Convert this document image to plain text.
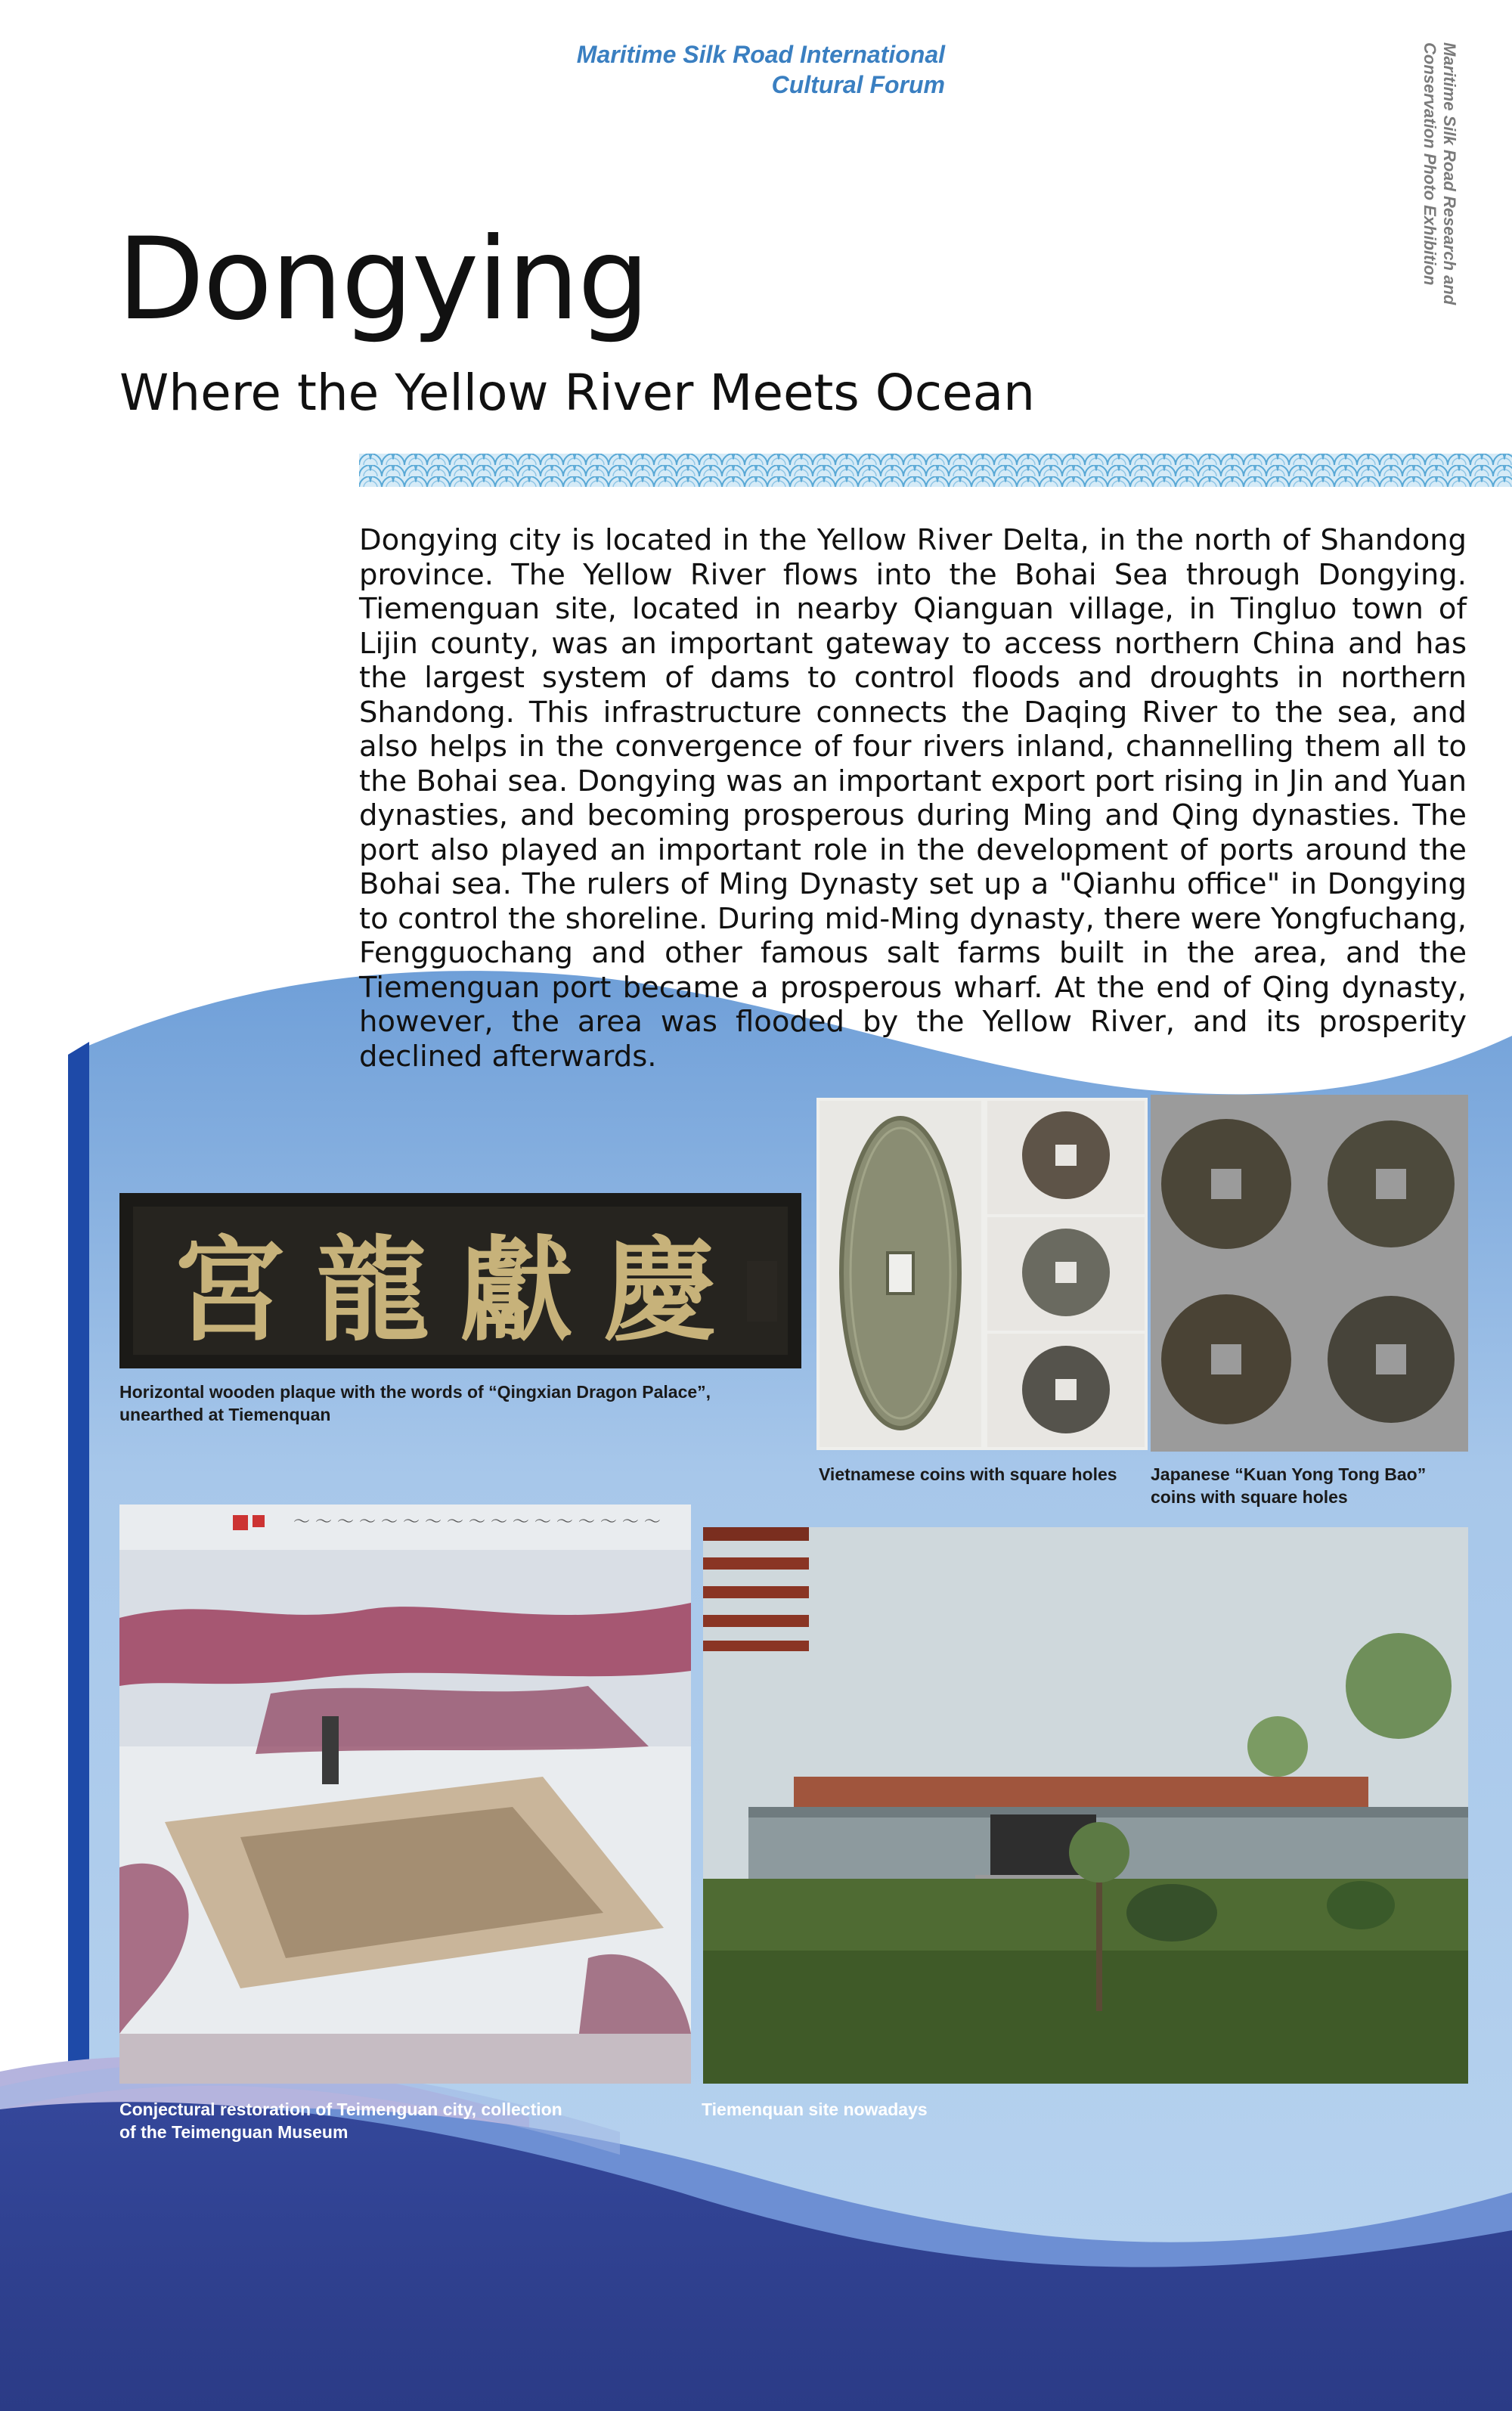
Maritime Silk Road International
Cultural Forum	Maritime Silk Road Research and
Conservation Photo Exhibition
Dongying
Where the Yellow River Meets Ocean
Dongying city is located in the Yellow River Delta, in the north of Shandong province. The Yellow River flows into the Bohai Sea through Dongying. Tiemenguan site, located in nearby Qianguan village, in Tingluo town of Lijin county, was an important gateway to access northern China and has the largest system of dams to control floods and droughts in northern Shandong. This infrastructure connects the Daqing River to the sea, and also helps in the convergence of four rivers inland, channelling them all to the Bohai sea. Dongying was an important export port rising in Jin and Yuan dynasties, and becoming prosperous during Ming and Qing dynasties. The port also played an important role in the development of ports around the Bohai sea. The rulers of Ming Dynasty set up a "Qianhu office" in Dongying to control the shoreline. During mid-Ming dynasty, there were Yongfuchang, Fengguochang and other famous salt farms built in the area, and the Tiemenguan port became a prosperous wharf. At the end of Qing dynasty, however, the area was flooded by the Yellow River, and its prosperity declined afterwards.
宮 龍 獻 慶
Horizontal wooden plaque with the words of “Qingxian Dragon Palace”,
unearthed at Tiemenquan
Vietnamese coins with square holes	Japanese “Kuan Yong Tong Bao”
coins with square holes
～ ～ ～ ～ ～ ～ ～ ～ ～ ～ ～ ～ ～ ～ ～ ～ ～
Conjectural restoration of Teimenguan city, collection
of the Teimenguan Museum
Tiemenquan site nowadays
